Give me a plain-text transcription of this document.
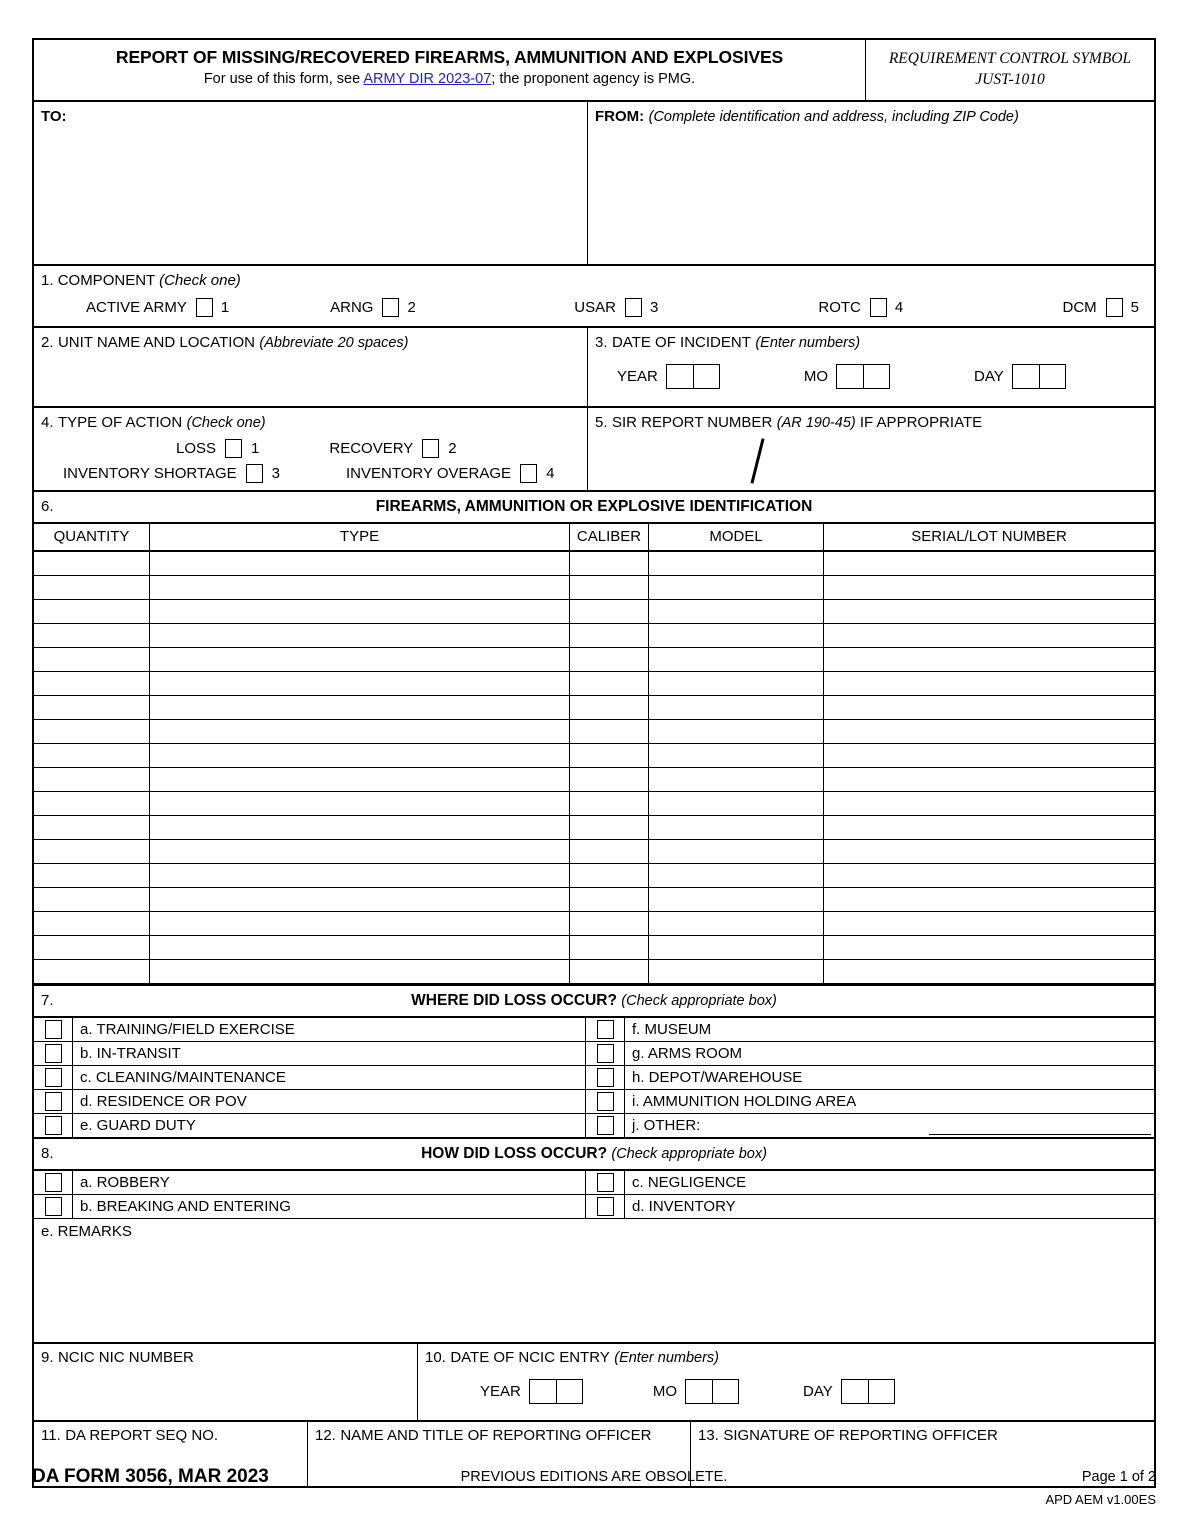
REPORT OF MISSING/RECOVERED FIREARMS, AMMUNITION AND EXPLOSIVES
For use of this form, see ARMY DIR 2023-07; the proponent agency is PMG.
REQUIREMENT CONTROL SYMBOL
JUST-1010
TO:	FROM: (Complete identification and address, including ZIP Code)
1. COMPONENT (Check one)
ACTIVE ARMY 1	ARNG 2	USAR 3	ROTC 4	DCM 5
2. UNIT NAME AND LOCATION (Abbreviate 20 spaces)	3. DATE OF INCIDENT (Enter numbers)
YEAR	MO	DAY
4. TYPE OF ACTION (Check one)
LOSS 1	RECOVERY 2
INVENTORY SHORTAGE 3	INVENTORY OVERAGE 4
5. SIR REPORT NUMBER (AR 190-45) IF APPROPRIATE
6.	FIREARMS, AMMUNITION OR EXPLOSIVE IDENTIFICATION
QUANTITY	TYPE	CALIBER	MODEL	SERIAL/LOT NUMBER

7.	WHERE DID LOSS OCCUR? (Check appropriate box)
a. TRAINING/FIELD EXERCISE	f. MUSEUM
b. IN-TRANSIT	g. ARMS ROOM
c. CLEANING/MAINTENANCE	h. DEPOT/WAREHOUSE
d. RESIDENCE OR POV	i. AMMUNITION HOLDING AREA
e. GUARD DUTY	j. OTHER:
8.	HOW DID LOSS OCCUR? (Check appropriate box)
a. ROBBERY	c. NEGLIGENCE
b. BREAKING AND ENTERING	d. INVENTORY
e. REMARKS
9. NCIC NIC NUMBER	10. DATE OF NCIC ENTRY (Enter numbers)
YEAR	MO	DAY
11. DA REPORT SEQ NO.	12. NAME AND TITLE OF REPORTING OFFICER	13. SIGNATURE OF REPORTING OFFICER
DA FORM 3056, MAR 2023	PREVIOUS EDITIONS ARE OBSOLETE.	Page 1 of 2
APD AEM v1.00ES
